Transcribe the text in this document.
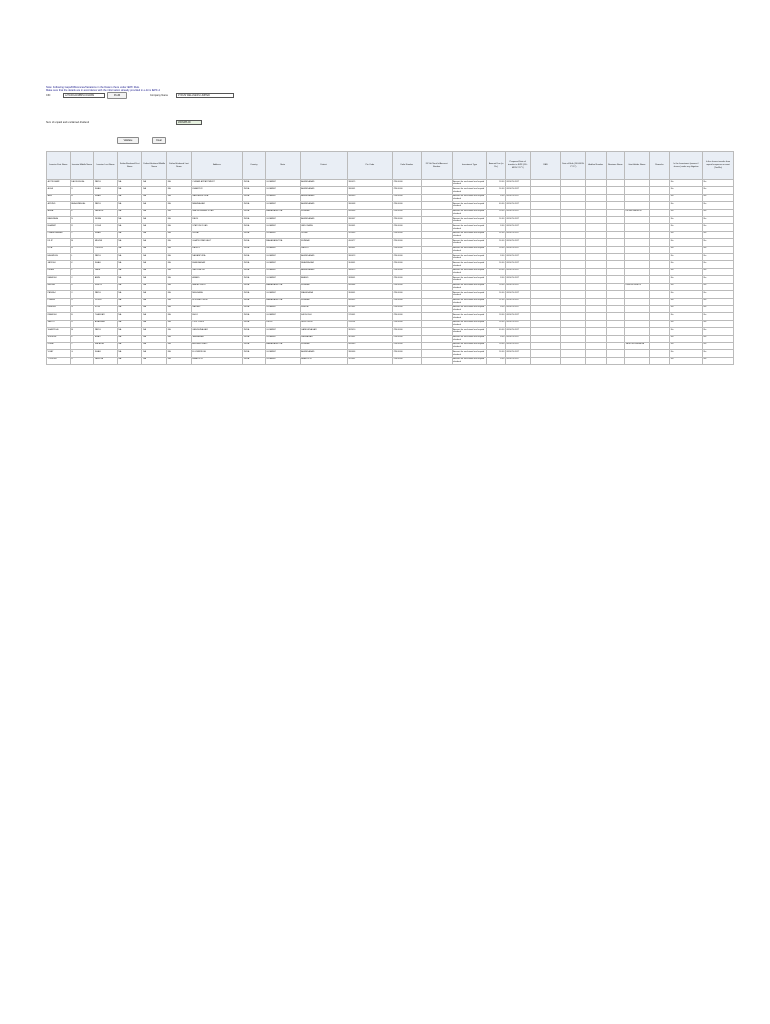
Note: Following Gaps/Differences/Variations in the Data is there under IEPF Rule.
Make sure that the details are in accordance with the information already provided in e-form IEPF-4
CIN	L27100GJ1988PLC012069	Prefill	Company Name	ZYDUS WELLNESS LIMITED
Sum of unpaid and unclaimed dividend	2003286.00
Validate	Clear
Investor First Name	Investor Middle Name	Investor Last Name	Father/Husband First Name	Father/Husband Middle Name	Father/Husband Last Name	Address	Country	State	District	Pin Code	Folio Number	DP Id-Client Id-Account Number	Investment Type	Amount Due (in Rs.)	Proposed Date of transfer to IEPF (DD-MON-YYYY)	PAN	Date of Birth (DD-MON-YYYY)	Aadhar Number	Nominee Name	Joint Holder Name	Remarks	Is the Investment (amount / shares) under any litigation	Is the shares transfer from unpaid suspense account (Yes/No)
AJITKUMAR	DALSUKHLAL	PATEL	NA	NA	NA	CHINAR APPARTMENT	INDIA	GUJARAT	AHMEDABAD	380015	ZWL0000		Amount for unclaimed and unpaid dividend	24.00	08-NOV-2017							No	No
ALKA	S	SHAH	NA	NA	NA	KHANPUR	INDIA	GUJARAT	AHMEDABAD	380001	ZWL0000		Amount for unclaimed and unpaid dividend	16.00	08-NOV-2017							No	No
AMIT	B	SHAH	NA	NA	NA	NAVRANGPURA	INDIA	GUJARAT	AHMEDABAD	380009	ZWL0000		Amount for unclaimed and unpaid dividend	8.00	08-NOV-2017							No	No
ARVIND	BHAGWANLAL	PATEL	NA	NA	NA	MANINAGAR	INDIA	GUJARAT	AHMEDABAD	380008	ZWL0000		Amount for unclaimed and unpaid dividend	40.00	08-NOV-2017							No	No
ASHA	K	PAREKH	NA	NA	NA	WALKESHWAR ROAD	INDIA	MAHARASHTRA	MUMBAI	400006	ZWL0000		Amount for unclaimed and unpaid dividend	24.00	08-NOV-2017					KETAN PAREKH		No	No
BABUBHAI	N	DESAI	NA	NA	NA	PALDI	INDIA	GUJARAT	AHMEDABAD	380007	ZWL0000		Amount for unclaimed and unpaid dividend	16.00	08-NOV-2017							No	No
BHARAT	R	JOSHI	NA	NA	NA	STATION ROAD	INDIA	GUJARAT	VADODARA	390001	ZWL0000		Amount for unclaimed and unpaid dividend	8.00	08-NOV-2017							No	No
CHANDRAKANT	J	SHAH	NA	NA	NA	SURAT	INDIA	GUJARAT	SURAT	395003	ZWL0000		Amount for unclaimed and unpaid dividend	32.00	08-NOV-2017							No	No
DILIP	M	MEHTA	NA	NA	NA	GHATKOPAR EAST	INDIA	MAHARASHTRA	MUMBAI	400077	ZWL0000		Amount for unclaimed and unpaid dividend	16.00	08-NOV-2017							No	No
GITA	H	TRIVEDI	NA	NA	NA	RAJKOT	INDIA	GUJARAT	RAJKOT	360001	ZWL0000		Amount for unclaimed and unpaid dividend	24.00	08-NOV-2017							No	No
HASMUKH	L	PATEL	NA	NA	NA	NARANPURA	INDIA	GUJARAT	AHMEDABAD	380013	ZWL0000		Amount for unclaimed and unpaid dividend	8.00	08-NOV-2017							No	No
JAYESH	K	SHAH	NA	NA	NA	BHAVNAGAR	INDIA	GUJARAT	BHAVNAGAR	364001	ZWL0000		Amount for unclaimed and unpaid dividend	16.00	08-NOV-2017							No	No
KIRAN	P	DAVE	NA	NA	NA	VASTRAPUR	INDIA	GUJARAT	AHMEDABAD	380015	ZWL0000		Amount for unclaimed and unpaid dividend	40.00	08-NOV-2017							No	No
MAHESH	C	AMIN	NA	NA	NA	ANAND	INDIA	GUJARAT	ANAND	388001	ZWL0000		Amount for unclaimed and unpaid dividend	8.00	08-NOV-2017							No	No
NAYNA	D	SHETH	NA	NA	NA	MALAD WEST	INDIA	MAHARASHTRA	MUMBAI	400064	ZWL0000		Amount for unclaimed and unpaid dividend	24.00	08-NOV-2017					DINESH SHETH		No	No
PANKAJ	V	PATEL	NA	NA	NA	MEHSANA	INDIA	GUJARAT	MAHESANA	384001	ZWL0000		Amount for unclaimed and unpaid dividend	16.00	08-NOV-2017							No	No
PRAVIN	S	DOSHI	NA	NA	NA	BORIVALI WEST	INDIA	MAHARASHTRA	MUMBAI	400092	ZWL0000		Amount for unclaimed and unpaid dividend	32.00	08-NOV-2017							No	No
RAJESH	N	SONI	NA	NA	NA	NADIAD	INDIA	GUJARAT	KHEDA	387001	ZWL0000		Amount for unclaimed and unpaid dividend	8.00	08-NOV-2017							No	No
RAMESH	B	THAKKAR	NA	NA	NA	BHUJ	INDIA	GUJARAT	KACHCHH	370001	ZWL0000		Amount for unclaimed and unpaid dividend	24.00	08-NOV-2017							No	No
SAROJ	R	AGARWAL	NA	NA	NA	CIVIL LINES	INDIA	DELHI	NEW DELHI	110054	ZWL0000		Amount for unclaimed and unpaid dividend	16.00	08-NOV-2017							No	No
SHANTILAL	M	PATEL	NA	NA	NA	GANDHINAGAR	INDIA	GUJARAT	GANDHINAGAR	382010	ZWL0000		Amount for unclaimed and unpaid dividend	40.00	08-NOV-2017							No	No
SURESH	K	BHATT	NA	NA	NA	JAMNAGAR	INDIA	GUJARAT	JAMNAGAR	361001	ZWL0000		Amount for unclaimed and unpaid dividend	8.00	08-NOV-2017							No	No
USHA	J	KAPADIA	NA	NA	NA	ANDHERI EAST	INDIA	MAHARASHTRA	MUMBAI	400069	ZWL0000		Amount for unclaimed and unpaid dividend	24.00	08-NOV-2017					JAGDISH KAPADIA		No	No
VIJAY	G	SHAH	NA	NA	NA	ELLISBRIDGE	INDIA	GUJARAT	AHMEDABAD	380006	ZWL0000		Amount for unclaimed and unpaid dividend	16.00	08-NOV-2017							No	No
YOGESH	R	PANDYA	NA	NA	NA	BHARUCH	INDIA	GUJARAT	BHARUCH	392001	ZWL0000		Amount for unclaimed and unpaid dividend	8.00	08-NOV-2017							No	No
